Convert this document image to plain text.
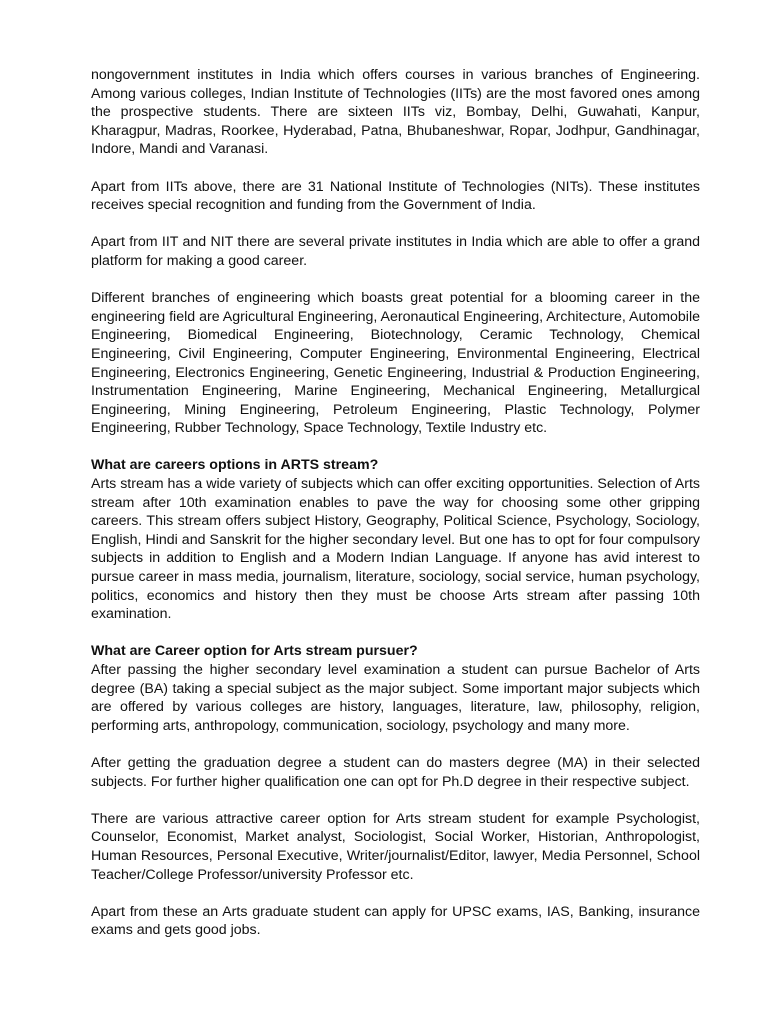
nongovernment institutes in India which offers courses in various branches of Engineering. Among various colleges, Indian Institute of Technologies (IITs) are the most favored ones among the prospective students. There are sixteen IITs viz, Bombay, Delhi, Guwahati, Kanpur, Kharagpur, Madras, Roorkee, Hyderabad, Patna, Bhubaneshwar, Ropar, Jodhpur, Gandhinagar, Indore, Mandi and Varanasi.

Apart from IITs above, there are 31 National Institute of Technologies (NITs). These institutes receives special recognition and funding from the Government of India.

Apart from IIT and NIT there are several private institutes in India which are able to offer a grand platform for making a good career.

Different branches of engineering which boasts great potential for a blooming career in the engineering field are Agricultural Engineering, Aeronautical Engineering, Architecture, Automobile Engineering, Biomedical Engineering, Biotechnology, Ceramic Technology, Chemical Engineering, Civil Engineering, Computer Engineering, Environmental Engineering, Electrical Engineering, Electronics Engineering, Genetic Engineering, Industrial & Production Engineering, Instrumentation Engineering, Marine Engineering, Mechanical Engineering, Metallurgical Engineering, Mining Engineering, Petroleum Engineering, Plastic Technology, Polymer Engineering, Rubber Technology, Space Technology, Textile Industry etc.

What are careers options in ARTS stream?

Arts stream has a wide variety of subjects which can offer exciting opportunities. Selection of Arts stream after 10th examination enables to pave the way for choosing some other gripping careers. This stream offers subject History, Geography, Political Science, Psychology, Sociology, English, Hindi and Sanskrit for the higher secondary level. But one has to opt for four compulsory subjects in addition to English and a Modern Indian Language. If anyone has avid interest to pursue career in mass media, journalism, literature, sociology, social service, human psychology, politics, economics and history then they must be choose Arts stream after passing 10th examination.

What are Career option for Arts stream pursuer?

After passing the higher secondary level examination a student can pursue Bachelor of Arts degree (BA) taking a special subject as the major subject. Some important major subjects which are offered by various colleges are history, languages, literature, law, philosophy, religion, performing arts, anthropology, communication, sociology, psychology and many more.

After getting the graduation degree a student can do masters degree (MA) in their selected subjects. For further higher qualification one can opt for Ph.D degree in their respective subject.

There are various attractive career option for Arts stream student for example Psychologist, Counselor, Economist, Market analyst, Sociologist, Social Worker, Historian, Anthropologist, Human Resources, Personal Executive, Writer/journalist/Editor, lawyer, Media Personnel, School Teacher/College Professor/university Professor etc.

Apart from these an Arts graduate student can apply for UPSC exams, IAS, Banking, insurance exams and gets good jobs.
